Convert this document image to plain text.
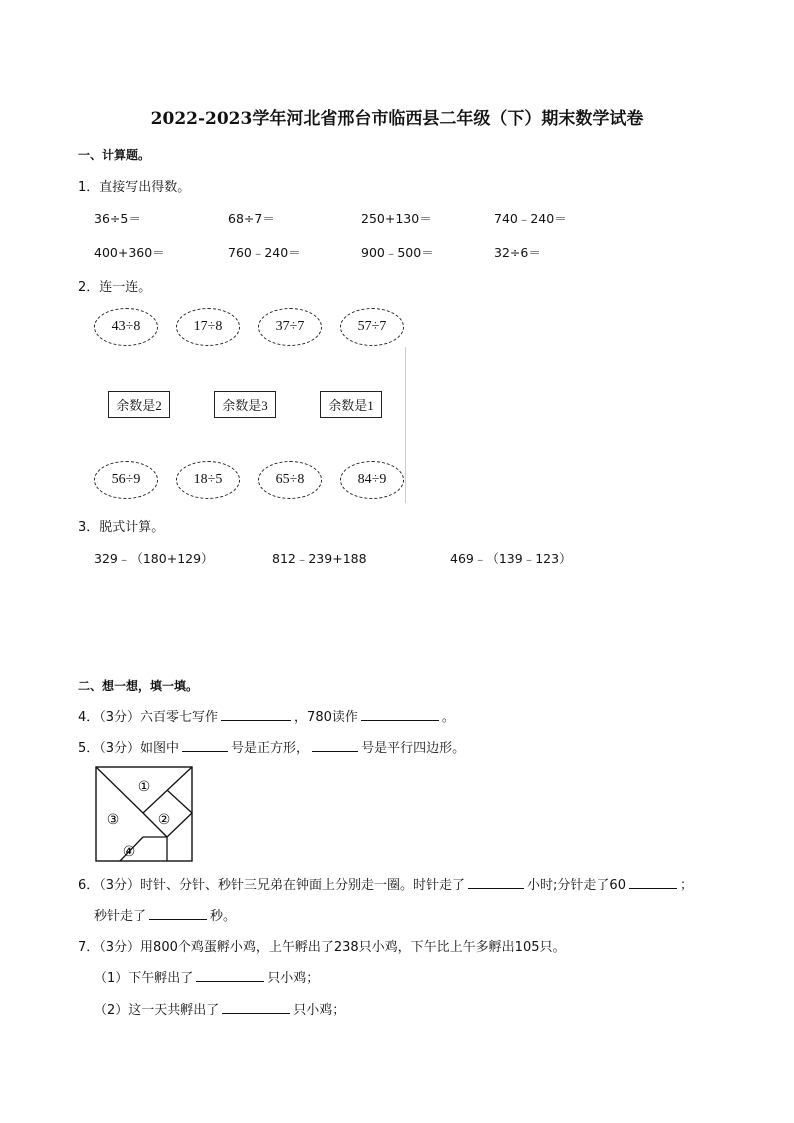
2022-2023学年河北省邢台市临西县二年级（下）期末数学试卷
一、计算题。
1．直接写出得数。
36÷5＝	68÷7＝	250+130＝	740﹣240＝
400+360＝	760﹣240＝	900﹣500＝	32÷6＝
2．连一连。
43÷8	17÷8	37÷7	57÷7
余数是2	余数是3	余数是1
56÷9	18÷5	65÷8	84÷9
3．脱式计算。
329﹣（180+129）	812﹣239+188	469﹣（139﹣123）
二、想一想，填一填。
4．（3分）六百零七写作	，780读作	。
5．（3分）如图中	号是正方形，	号是平行四边形。
①
②
③
④
6．（3分）时针、分针、秒针三兄弟在钟面上分别走一圈。时针走了	小时;分针走了60	；
秒针走了	秒。
7．（3分）用800个鸡蛋孵小鸡，上午孵出了238只小鸡，下午比上午多孵出105只。
（1）下午孵出了	只小鸡；
（2）这一天共孵出了	只小鸡；
